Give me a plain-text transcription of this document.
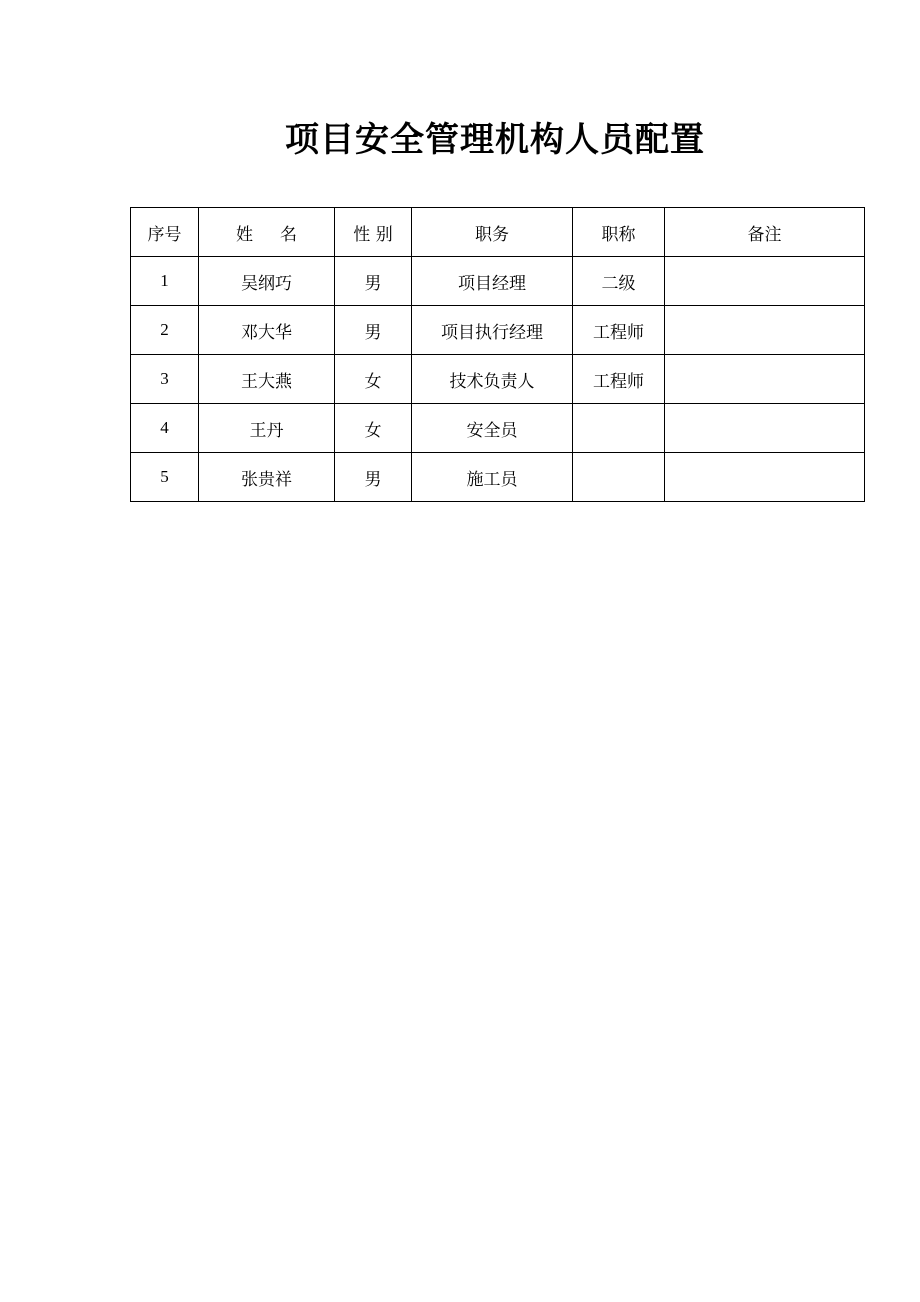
项目安全管理机构人员配置
序号	姓     名	性 别	职务	职称	备注
1	吴纲巧	男	项目经理	二级	
2	邓大华	男	项目执行经理	工程师	
3	王大燕	女	技术负责人	工程师	
4	王丹	女	安全员		
5	张贵祥	男	施工员		
